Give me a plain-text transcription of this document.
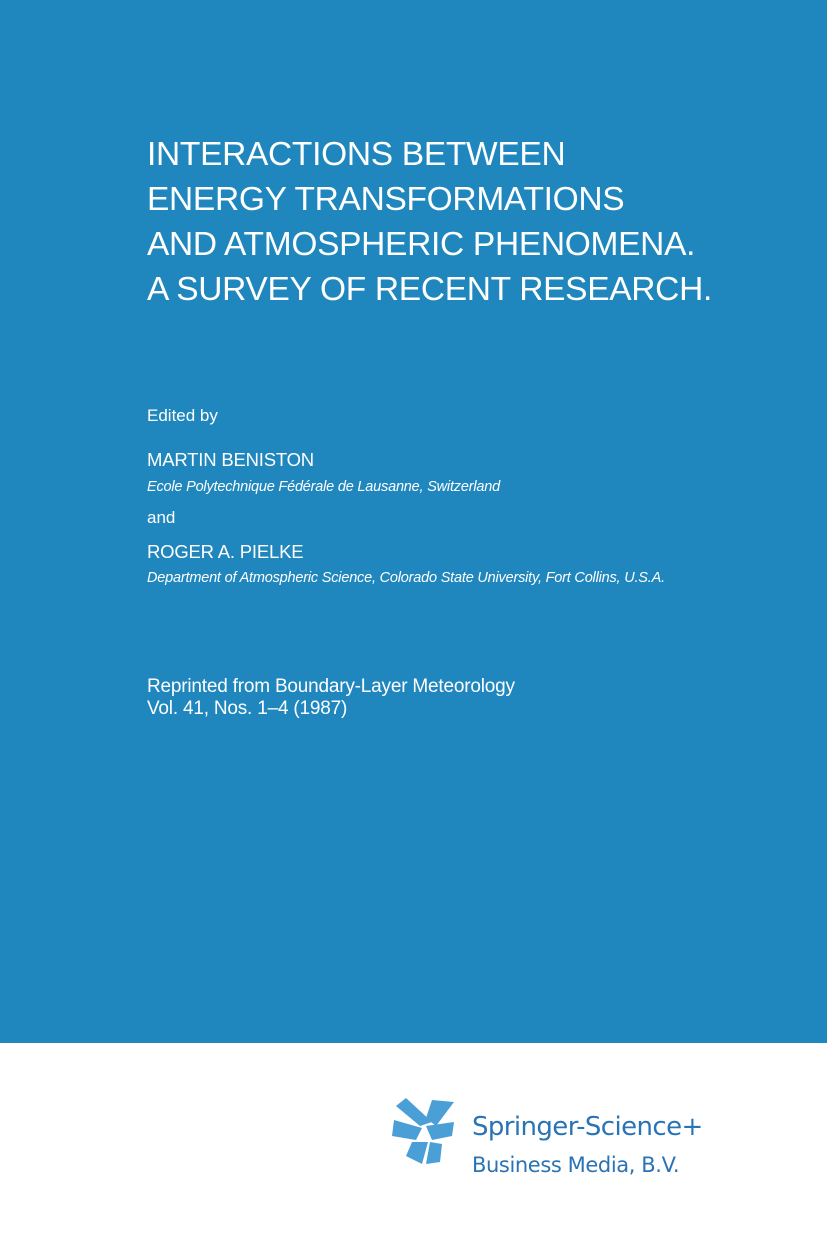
INTERACTIONS BETWEEN
ENERGY TRANSFORMATIONS
AND ATMOSPHERIC PHENOMENA.
A SURVEY OF RECENT RESEARCH.
Edited by
MARTIN BENISTON
Ecole Polytechnique Fédérale de Lausanne, Switzerland
and
ROGER A. PIELKE
Department of Atmospheric Science, Colorado State University, Fort Collins, U.S.A.
Reprinted from Boundary-Layer Meteorology
Vol. 41, Nos. 1–4 (1987)
Springer-Science+
Business Media, B.V.
